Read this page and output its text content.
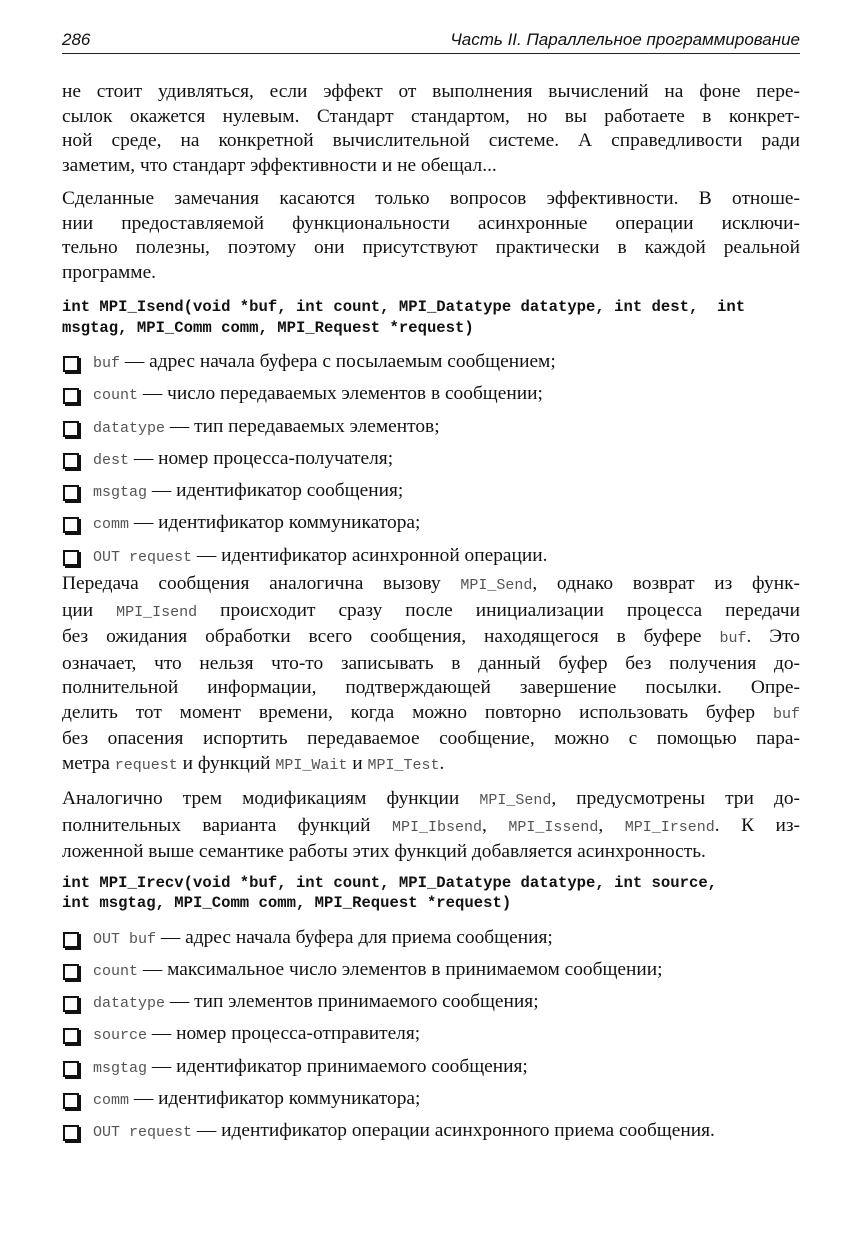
286	Часть II. Параллельное программирование
не стоит удивляться, если эффект от выполнения вычислений на фоне пере-
сылок окажется нулевым. Стандарт стандартом, но вы работаете в конкрет-
ной среде, на конкретной вычислительной системе. А справедливости ради
заметим, что стандарт эффективности и не обещал...
Сделанные замечания касаются только вопросов эффективности. В отноше-
нии предоставляемой функциональности асинхронные операции исключи-
тельно полезны, поэтому они присутствуют практически в каждой реальной
программе.
int MPI_Isend(void *buf, int count, MPI_Datatype datatype, int dest,  int
msgtag, MPI_Comm comm, MPI_Request *request)
buf — адрес начала буфера с посылаемым сообщением;
count — число передаваемых элементов в сообщении;
datatype — тип передаваемых элементов;
dest — номер процесса-получателя;
msgtag — идентификатор сообщения;
comm — идентификатор коммуникатора;
OUT request — идентификатор асинхронной операции.
Передача сообщения аналогична вызову MPI_Send, однако возврат из функ-
ции MPI_Isend происходит сразу после инициализации процесса передачи
без ожидания обработки всего сообщения, находящегося в буфере buf. Это
означает, что нельзя что-то записывать в данный буфер без получения до-
полнительной информации, подтверждающей завершение посылки. Опре-
делить тот момент времени, когда можно повторно использовать буфер buf
без опасения испортить передаваемое сообщение, можно с помощью пара-
метра request и функций MPI_Wait и MPI_Test.
Аналогично трем модификациям функции MPI_Send, предусмотрены три до-
полнительных варианта функций MPI_Ibsend, MPI_Issend, MPI_Irsend. К из-
ложенной выше семантике работы этих функций добавляется асинхронность.
int MPI_Irecv(void *buf, int count, MPI_Datatype datatype, int source,
int msgtag, MPI_Comm comm, MPI_Request *request)
OUT buf — адрес начала буфера для приема сообщения;
count — максимальное число элементов в принимаемом сообщении;
datatype — тип элементов принимаемого сообщения;
source — номер процесса-отправителя;
msgtag — идентификатор принимаемого сообщения;
comm — идентификатор коммуникатора;
OUT request — идентификатор операции асинхронного приема сообщения.
